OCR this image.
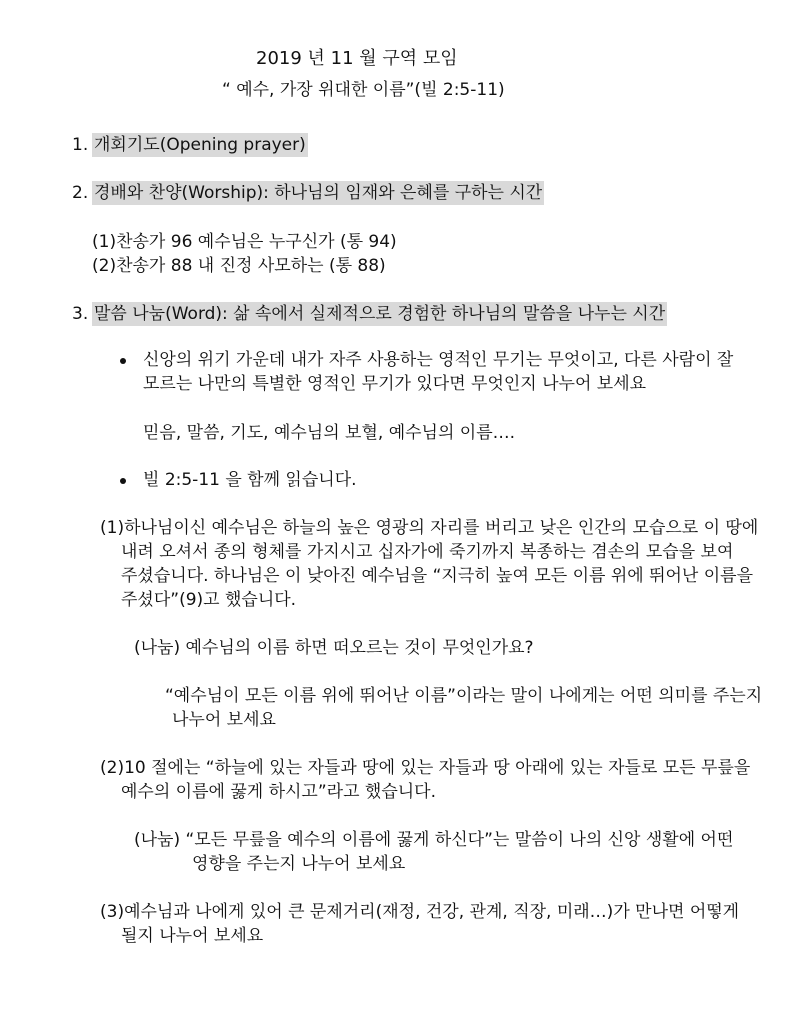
2019 년 11 월 구역 모임
“ 예수, 가장 위대한 이름”(빌 2:5-11)
1. 개회기도(Opening prayer)
2. 경배와 찬양(Worship): 하나님의 임재와 은혜를 구하는 시간
(1)찬송가 96 예수님은 누구신가 (통 94)
(2)찬송가 88 내 진정 사모하는 (통 88)
3. 말씀 나눔(Word): 삶 속에서 실제적으로 경험한 하나님의 말씀을 나누는 시간
신앙의 위기 가운데 내가 자주 사용하는 영적인 무기는 무엇이고, 다른 사람이 잘
모르는 나만의 특별한 영적인 무기가 있다면 무엇인지 나누어 보세요
믿음, 말씀, 기도, 예수님의 보혈, 예수님의 이름….
빌 2:5-11 을 함께 읽습니다.
(1)하나님이신 예수님은 하늘의 높은 영광의 자리를 버리고 낮은 인간의 모습으로 이 땅에
내려 오셔서 종의 형체를 가지시고 십자가에 죽기까지 복종하는 겸손의 모습을 보여
주셨습니다. 하나님은 이 낮아진 예수님을 “지극히 높여 모든 이름 위에 뛰어난 이름을
주셨다”(9)고 했습니다.
(나눔) 예수님의 이름 하면 떠오르는 것이 무엇인가요?
“예수님이 모든 이름 위에 뛰어난 이름”이라는 말이 나에게는 어떤 의미를 주는지
나누어 보세요
(2)10 절에는 “하늘에 있는 자들과 땅에 있는 자들과 땅 아래에 있는 자들로 모든 무릎을
예수의 이름에 꿇게 하시고”라고 했습니다.
(나눔) “모든 무릎을 예수의 이름에 꿇게 하신다”는 말씀이 나의 신앙 생활에 어떤
영향을 주는지 나누어 보세요
(3)예수님과 나에게 있어 큰 문제거리(재정, 건강, 관계, 직장, 미래…)가 만나면 어떻게
될지 나누어 보세요
